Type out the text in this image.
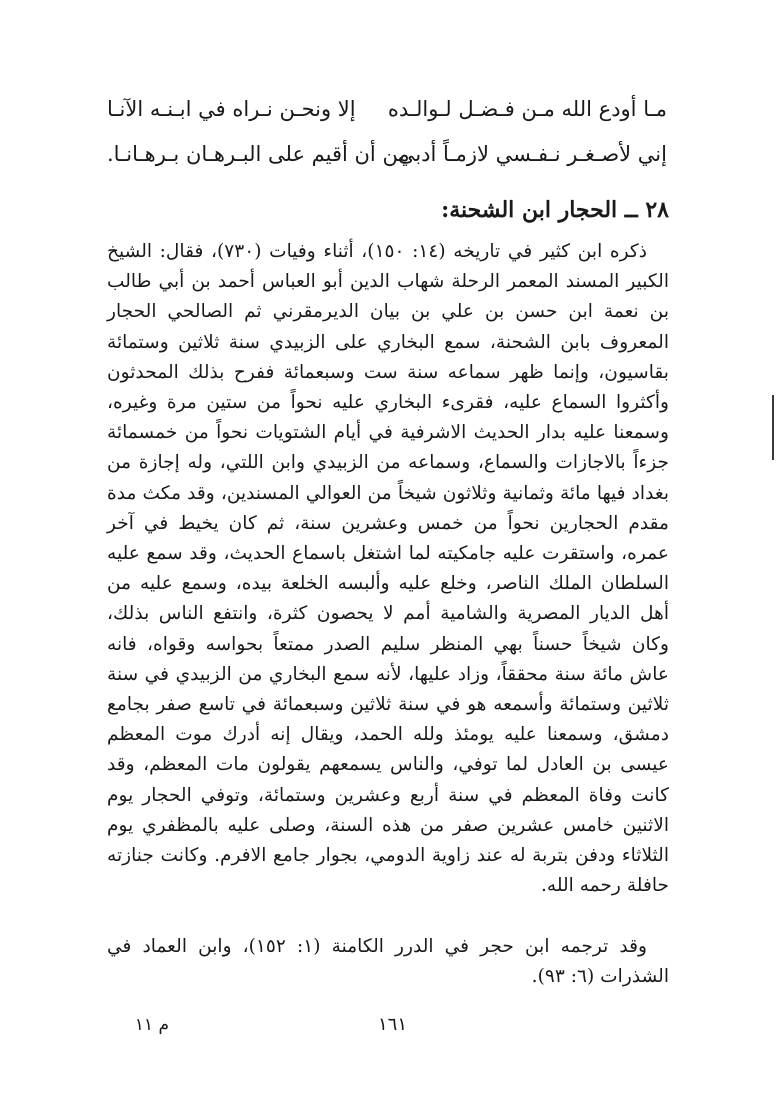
مـا أودع الله مـن فـضـل لـوالـده
إلا ونحـن نـراه في ابـنـه الآنـا
إني لأصـغـر نـفـسي لازمـاً أدبي
من أن أقيم على البـرهـان بـرهـانـا.
٢٨ ــ الحجار ابن الشحنة:

ذكره ابن كثير في تاريخه (١٤: ١٥٠)، أثناء وفيات (٧٣٠)، فقال: الشيخ الكبير المسند المعمر الرحلة شهاب الدين أبو العباس أحمد بن أبي طالب بن نعمة ابن حسن بن علي بن بيان الديرمقرني ثم الصالحي الحجار المعروف بابن الشحنة، سمع البخاري على الزبيدي سنة ثلاثين وستمائة بقاسيون، وإنما ظهر سماعه سنة ست وسبعمائة ففرح بذلك المحدثون وأكثروا السماع عليه، فقرىء البخاري عليه نحواً من ستين مرة وغيره، وسمعنا عليه بدار الحديث الاشرفية في أيام الشتويات نحواً من خمسمائة جزءاً بالاجازات والسماع، وسماعه من الزبيدي وابن اللتي، وله إجازة من بغداد فيها مائة وثمانية وثلاثون شيخاً من العوالي المسندين، وقد مكث مدة مقدم الحجارين نحواً من خمس وعشرين سنة، ثم كان يخيط في آخر عمره، واستقرت عليه جامكيته لما اشتغل باسماع الحديث، وقد سمع عليه السلطان الملك الناصر، وخلع عليه وألبسه الخلعة بيده، وسمع عليه من أهل الديار المصرية والشامية أمم لا يحصون كثرة، وانتفع الناس بذلك، وكان شيخاً حسناً بهي المنظر سليم الصدر ممتعاً بحواسه وقواه، فانه عاش مائة سنة محققاً، وزاد عليها، لأنه سمع البخاري من الزبيدي في سنة ثلاثين وستمائة وأسمعه هو في سنة ثلاثين وسبعمائة في تاسع صفر بجامع دمشق، وسمعنا عليه يومئذ ولله الحمد، ويقال إنه أدرك موت المعظم عيسى بن العادل لما توفي، والناس يسمعهم يقولون مات المعظم، وقد كانت وفاة المعظم في سنة أربع وعشرين وستمائة، وتوفي الحجار يوم الاثنين خامس عشرين صفر من هذه السنة، وصلى عليه بالمظفري يوم الثلاثاء ودفن بتربة له عند زاوية الدومي، بجوار جامع الافرم. وكانت جنازته حافلة رحمه الله.

وقد ترجمه ابن حجر في الدرر الكامنة (١: ١٥٢)، وابن العماد في الشذرات (٦: ٩٣).

١٦١
م ١١
